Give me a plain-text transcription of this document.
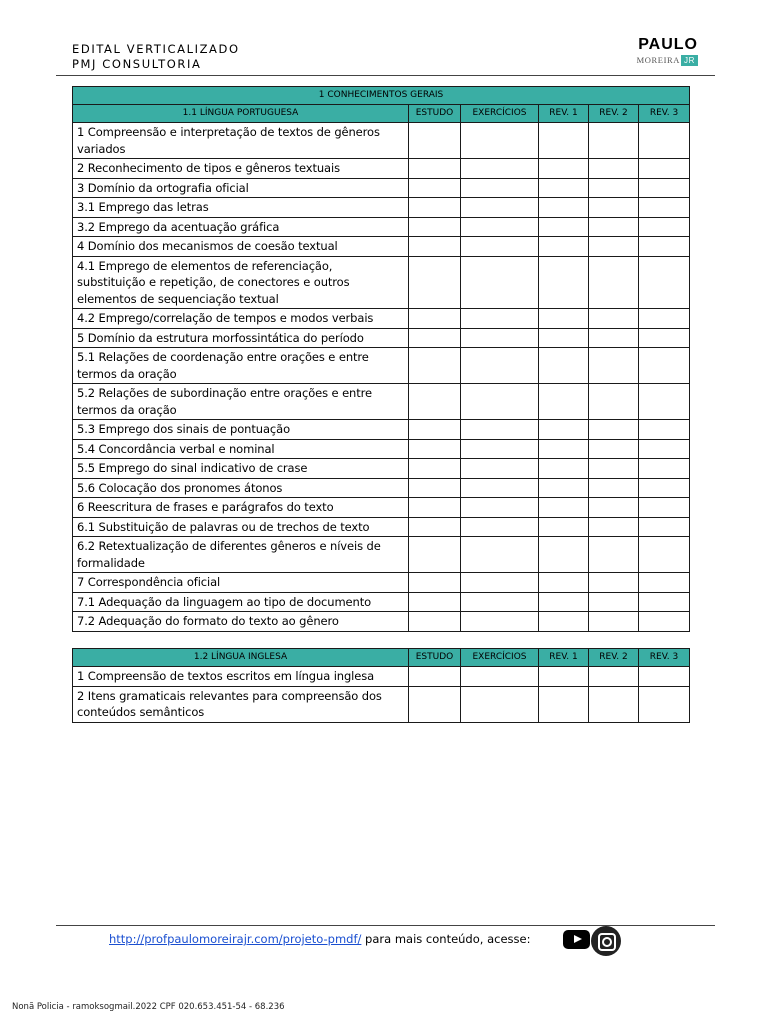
EDITAL VERTICALIZADO
PMJ CONSULTORIA
PAULO
MOREIRA JR
1 CONHECIMENTOS GERAIS					
1.1 LÍNGUA PORTUGUESA	ESTUDO	EXERCÍCIOS	REV. 1	REV. 2	REV. 3
1 Compreensão e interpretação de textos de gêneros variados					
2 Reconhecimento de tipos e gêneros textuais					
3 Domínio da ortografia oficial					
3.1 Emprego das letras					
3.2 Emprego da acentuação gráfica					
4 Domínio dos mecanismos de coesão textual					
4.1 Emprego de elementos de referenciação, substituição e repetição, de conectores e outros elementos de sequenciação textual					
4.2 Emprego/correlação de tempos e modos verbais					
5 Domínio da estrutura morfossintática do período					
5.1 Relações de coordenação entre orações e entre termos da oração					
5.2 Relações de subordinação entre orações e entre termos da oração					
5.3 Emprego dos sinais de pontuação					
5.4 Concordância verbal e nominal					
5.5 Emprego do sinal indicativo de crase					
5.6 Colocação dos pronomes átonos					
6 Reescritura de frases e parágrafos do texto					
6.1 Substituição de palavras ou de trechos de texto					
6.2 Retextualização de diferentes gêneros e níveis de formalidade					
7 Correspondência oficial					
7.1 Adequação da linguagem ao tipo de documento					
7.2 Adequação do formato do texto ao gênero					
1.2 LÍNGUA INGLESA	ESTUDO	EXERCÍCIOS	REV. 1	REV. 2	REV. 3
1 Compreensão de textos escritos em língua inglesa					
2 Itens gramaticais relevantes para compreensão dos conteúdos semânticos					
http://profpaulomoreirajr.com/projeto-pmdf/ para mais conteúdo, acesse:
Nonã Policia - ramoksogmail.2022 CPF 020.653.451-54 - 68.236
